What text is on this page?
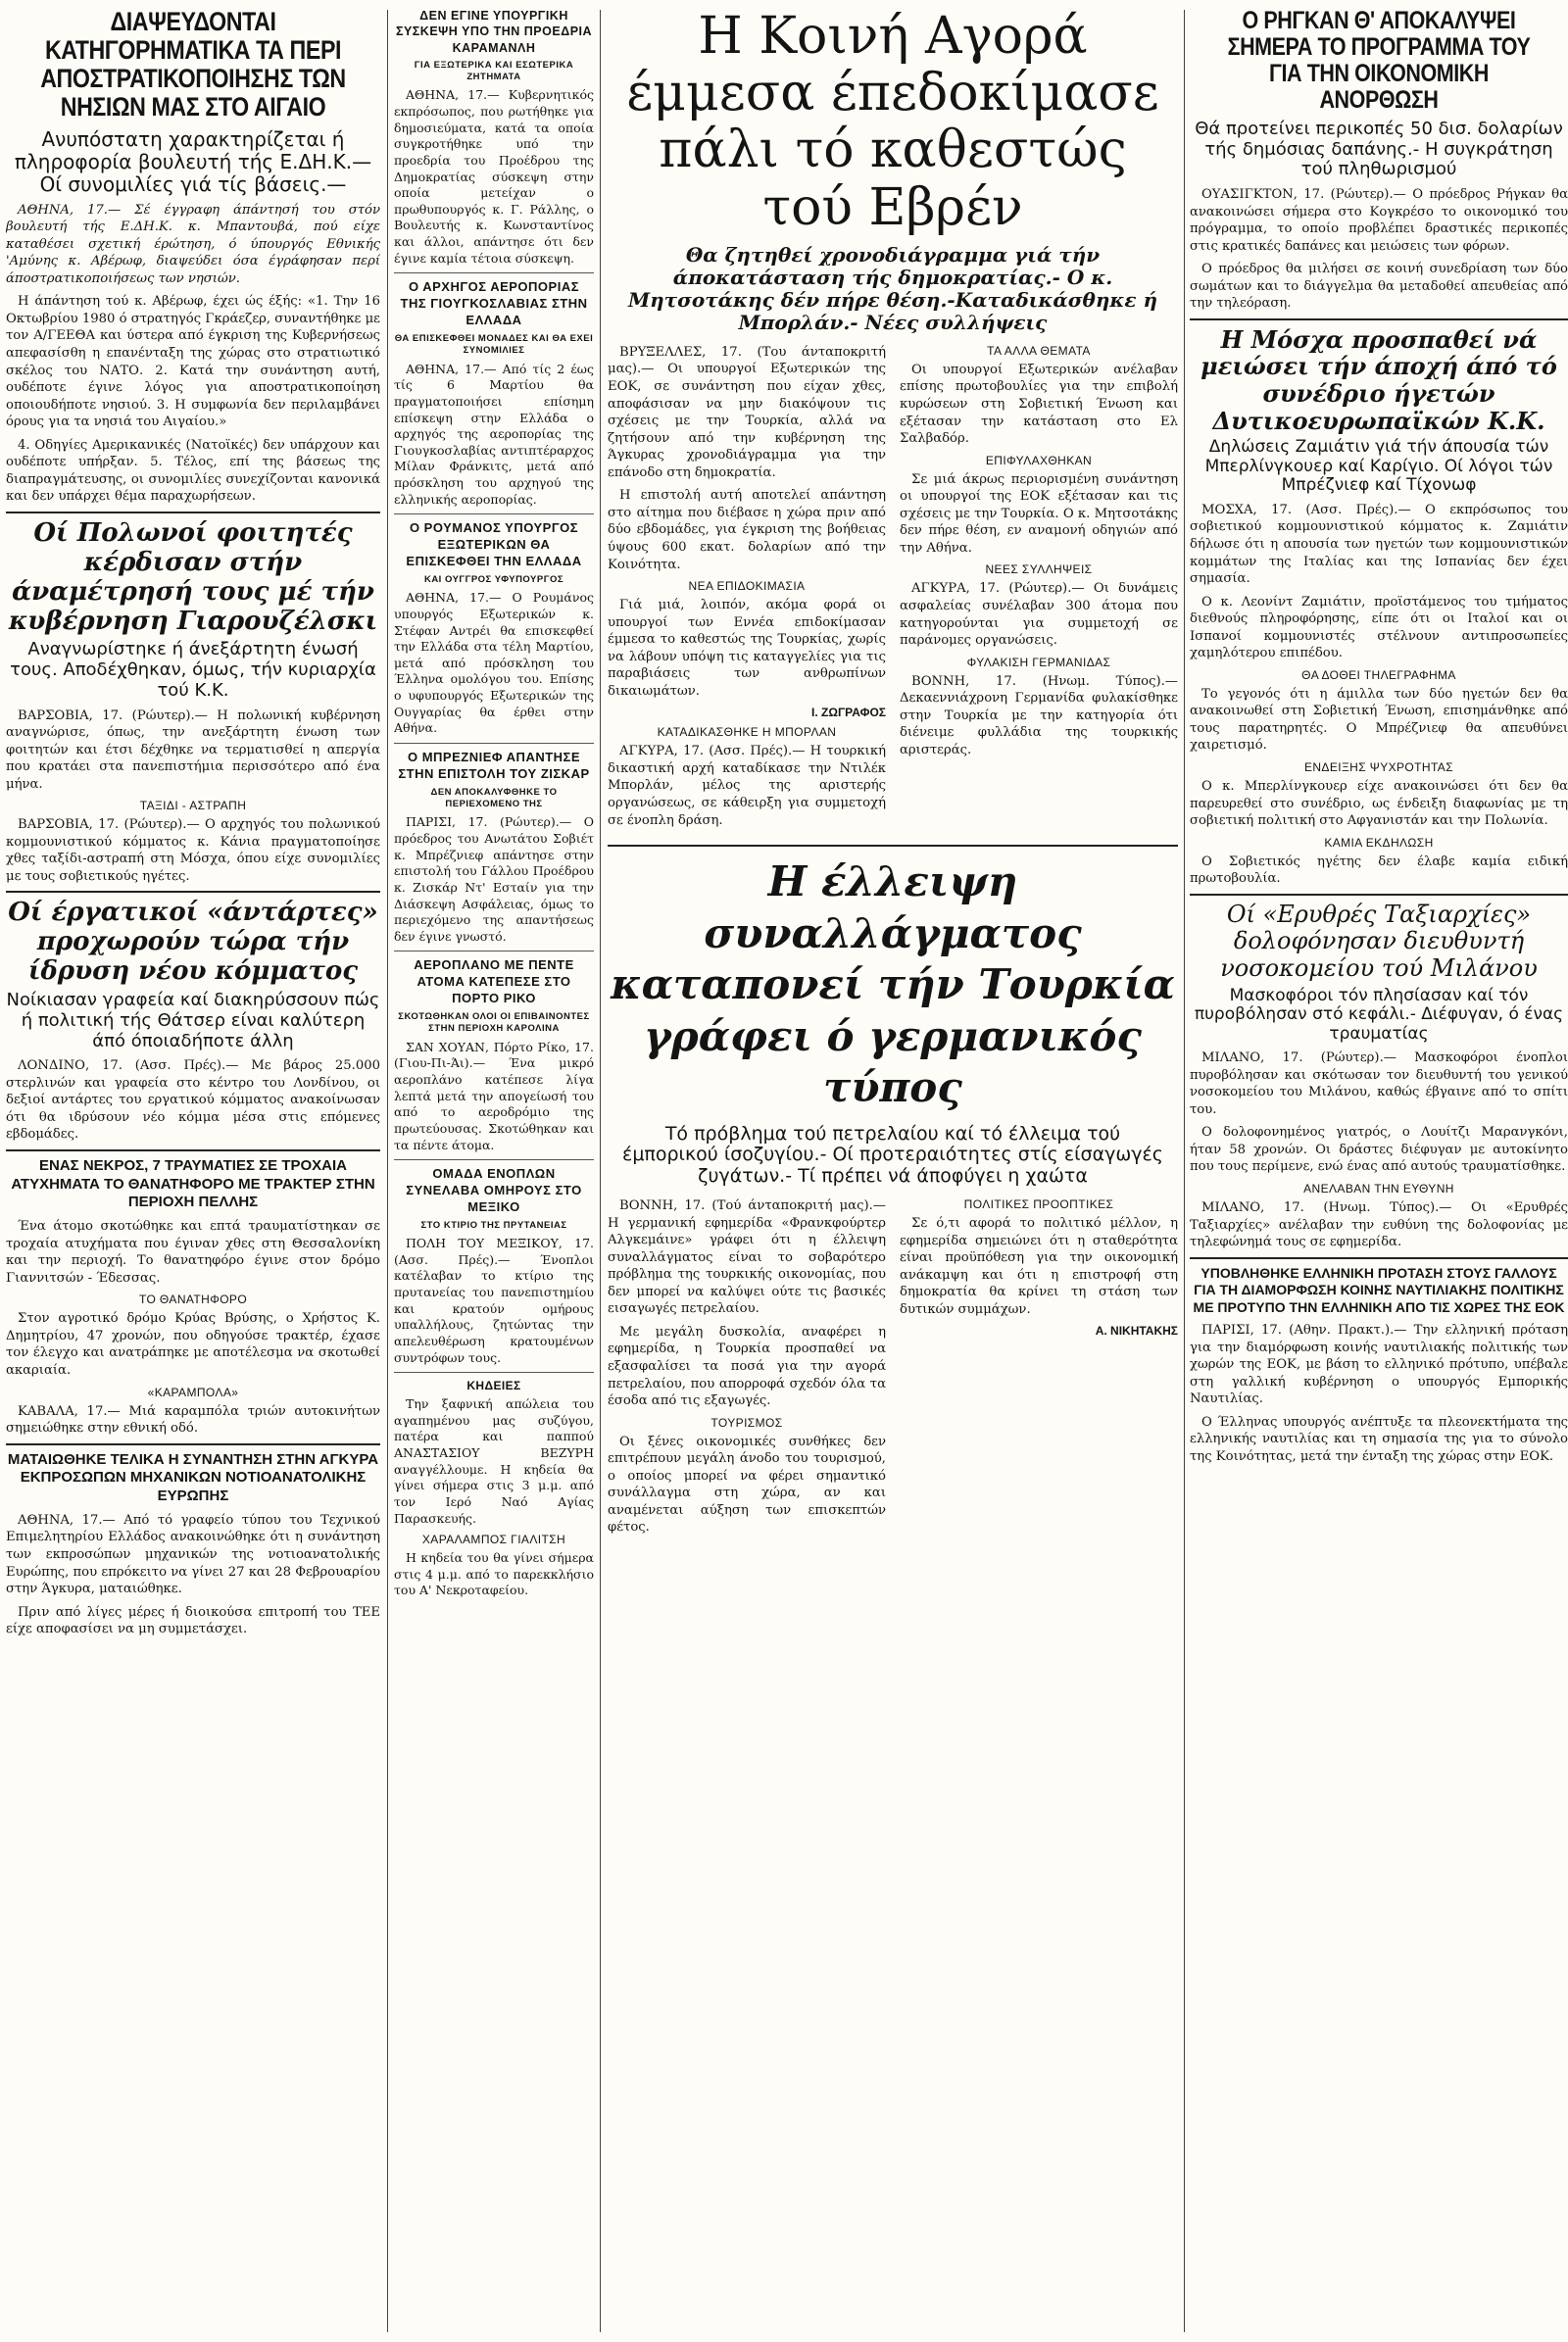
ΔΙΑΨΕΥΔΟΝΤΑΙ ΚΑΤΗΓΟΡΗΜΑΤΙΚΑ ΤΑ ΠΕΡΙ ΑΠΟΣΤΡΑΤΙΚΟΠΟΙΗΣΗΣ ΤΩΝ ΝΗΣΙΩΝ ΜΑΣ ΣΤΟ ΑΙΓΑΙΟ
Ανυπόστατη χαρακτηρίζεται ή πληροφορία βουλευτή τής Ε.ΔΗ.Κ.— Οί συνομιλίες γιά τίς βάσεις.—

ΑΘΗΝΑ, 17.— Σέ έγγραφη άπάντησή του στόν βουλευτή τής Ε.ΔΗ.Κ. κ. Μπαντουβά, πού είχε καταθέσει σχετική έρώτηση, ό ύπουργός Εθνικής 'Αμύνης κ. Αβέρωφ, διαψεύδει όσα έγράφησαν περί άποστρατικοποιήσεως των νησιών.

Η άπάντηση τού κ. Αβέρωφ, έχει ώς έξής: «1. Την 16 Οκτωβρίου 1980 ό στρατηγός Γκράεζερ, συναντήθηκε με τον Α/ΓΕΕΘΑ και ύστερα από έγκριση της Κυβερνήσεως απεφασίσθη η επανένταξη της χώρας στο στρατιωτικό σκέλος του ΝΑΤΟ. 2. Κατά την συνάντηση αυτή, ουδέποτε έγινε λόγος για αποστρατικοποίηση οποιουδήποτε νησιού. 3. Η συμφωνία δεν περιλαμβάνει όρους για τα νησιά του Αιγαίου.»

4. Οδηγίες Αμερικανικές (Νατοϊκές) δεν υπάρχουν και ουδέποτε υπήρξαν. 5. Τέλος, επί της βάσεως της διαπραγμάτευσης, οι συνομιλίες συνεχίζονται κανονικά και δεν υπάρχει θέμα παραχωρήσεων.

Οί Πολωνοί φοιτητές κέρδισαν στήν άναμέτρησή τους μέ τήν κυβέρνηση Γιαρουζέλσκι
Αναγνωρίστηκε ή άνεξάρτητη ένωσή τους. Αποδέχθηκαν, όμως, τήν κυριαρχία τού Κ.Κ.

ΒΑΡΣΟΒΙΑ, 17. (Ρώυτερ).— Η πολωνική κυβέρνηση αναγνώρισε, όπως, την ανεξάρτητη ένωση των φοιτητών και έτσι δέχθηκε να τερματισθεί η απεργία που κρατάει στα πανεπιστήμια περισσότερο από ένα μήνα.

ΤΑΞΙΔΙ - ΑΣΤΡΑΠΗ

ΒΑΡΣΟΒΙΑ, 17. (Ρώυτερ).— Ο αρχηγός του πολωνικού κομμουνιστικού κόμματος κ. Κάνια πραγματοποίησε χθες ταξίδι-αστραπή στη Μόσχα, όπου είχε συνομιλίες με τους σοβιετικούς ηγέτες.

Οί έργατικοί «άντάρτες» προχωρούν τώρα τήν ίδρυση νέου κόμματος
Νοίκιασαν γραφεία καί διακηρύσσουν πώς ή πολιτική τής Θάτσερ είναι καλύτερη άπό όποιαδήποτε άλλη

ΛΟΝΔΙΝΟ, 17. (Ασσ. Πρές).— Με βάρος 25.000 στερλινών και γραφεία στο κέντρο του Λονδίνου, οι δεξιοί αντάρτες του εργατικού κόμματος ανακοίνωσαν ότι θα ιδρύσουν νέο κόμμα μέσα στις επόμενες εβδομάδες.

ΕΝΑΣ ΝΕΚΡΟΣ, 7 ΤΡΑΥΜΑΤΙΕΣ ΣΕ ΤΡΟΧΑΙΑ ΑΤΥΧΗΜΑΤΑ ΤΟ ΘΑΝΑΤΗΦΟΡΟ ΜΕ ΤΡΑΚΤΕΡ ΣΤΗΝ ΠΕΡΙΟΧΗ ΠΕΛΛΗΣ

Ένα άτομο σκοτώθηκε και επτά τραυματίστηκαν σε τροχαία ατυχήματα που έγιναν χθες στη Θεσσαλονίκη και την περιοχή. Το θανατηφόρο έγινε στον δρόμο Γιαννιτσών - Έδεσσας.

ΤΟ ΘΑΝΑΤΗΦΟΡΟ

Στον αγροτικό δρόμο Κρύας Βρύσης, ο Χρήστος Κ. Δημητρίου, 47 χρονών, που οδηγούσε τρακτέρ, έχασε τον έλεγχο και ανατράπηκε με αποτέλεσμα να σκοτωθεί ακαριαία.

«ΚΑΡΑΜΠΟΛΑ»

ΚΑΒΑΛΑ, 17.— Μιά καραμπόλα τριών αυτοκινήτων σημειώθηκε στην εθνική οδό.

ΜΑΤΑΙΩΘΗΚΕ ΤΕΛΙΚΑ Η ΣΥΝΑΝΤΗΣΗ ΣΤΗΝ ΑΓΚΥΡΑ ΕΚΠΡΟΣΩΠΩΝ ΜΗΧΑΝΙΚΩΝ ΝΟΤΙΟΑΝΑΤΟΛΙΚΗΣ ΕΥΡΩΠΗΣ

ΑΘΗΝΑ, 17.— Από τό γραφείο τύπου του Τεχνικού Επιμελητηρίου Ελλάδος ανακοινώθηκε ότι η συνάντηση των εκπροσώπων μηχανικών της νοτιοανατολικής Ευρώπης, που επρόκειτο να γίνει 27 και 28 Φεβρουαρίου στην Άγκυρα, ματαιώθηκε.

Πριν από λίγες μέρες ή διοικούσα επιτροπή του ΤΕΕ είχε αποφασίσει να μη συμμετάσχει.

ΔΕΝ ΕΓΙΝΕ ΥΠΟΥΡΓΙΚΗ ΣΥΣΚΕΨΗ ΥΠΟ ΤΗΝ ΠΡΟΕΔΡΙΑ ΚΑΡΑΜΑΝΛΗ
ΓΙΑ ΕΞΩΤΕΡΙΚΑ ΚΑΙ ΕΣΩΤΕΡΙΚΑ ΖΗΤΗΜΑΤΑ

ΑΘΗΝΑ, 17.— Κυβερνητικός εκπρόσωπος, που ρωτήθηκε για δημοσιεύματα, κατά τα οποία συγκροτήθηκε υπό την προεδρία του Προέδρου της Δημοκρατίας σύσκεψη στην οποία μετείχαν ο πρωθυπουργός κ. Γ. Ράλλης, ο Βουλευτής κ. Κωνσταντίνος και άλλοι, απάντησε ότι δεν έγινε καμία τέτοια σύσκεψη.

Ο ΑΡΧΗΓΟΣ ΑΕΡΟΠΟΡΙΑΣ ΤΗΣ ΓΙΟΥΓΚΟΣΛΑΒΙΑΣ ΣΤΗΝ ΕΛΛΑΔΑ
ΘΑ ΕΠΙΣΚΕΦΘΕΙ ΜΟΝΑΔΕΣ ΚΑΙ ΘΑ ΕΧΕΙ ΣΥΝΟΜΙΛΙΕΣ

ΑΘΗΝΑ, 17.— Από τίς 2 έως τίς 6 Μαρτίου θα πραγματοποιήσει επίσημη επίσκεψη στην Ελλάδα ο αρχηγός της αεροπορίας της Γιουγκοσλαβίας αντιπτέραρχος Μίλαν Φράνκιτς, μετά από πρόσκληση του αρχηγού της ελληνικής αεροπορίας.

Ο ΡΟΥΜΑΝΟΣ ΥΠΟΥΡΓΟΣ ΕΞΩΤΕΡΙΚΩΝ ΘΑ ΕΠΙΣΚΕΦΘΕΙ ΤΗΝ ΕΛΛΑΔΑ
ΚΑΙ ΟΥΓΓΡΟΣ ΥΦΥΠΟΥΡΓΟΣ

ΑΘΗΝΑ, 17.— Ο Ρουμάνος υπουργός Εξωτερικών κ. Στέφαν Αντρέι θα επισκεφθεί την Ελλάδα στα τέλη Μαρτίου, μετά από πρόσκληση του Έλληνα ομολόγου του. Επίσης ο υφυπουργός Εξωτερικών της Ουγγαρίας θα έρθει στην Αθήνα.

Ο ΜΠΡΕΖΝΙΕΦ ΑΠΑΝΤΗΣΕ ΣΤΗΝ ΕΠΙΣΤΟΛΗ ΤΟΥ ΖΙΣΚΑΡ
ΔΕΝ ΑΠΟΚΑΛΥΦΘΗΚΕ ΤΟ ΠΕΡΙΕΧΟΜΕΝΟ ΤΗΣ

ΠΑΡΙΣΙ, 17. (Ρώυτερ).— Ο πρόεδρος του Ανωτάτου Σοβιέτ κ. Μπρέζνιεφ απάντησε στην επιστολή του Γάλλου Προέδρου κ. Ζισκάρ Ντ' Εσταίν για την Διάσκεψη Ασφάλειας, όμως το περιεχόμενο της απαντήσεως δεν έγινε γνωστό.

ΑΕΡΟΠΛΑΝΟ ΜΕ ΠΕΝΤΕ ΑΤΟΜΑ ΚΑΤΕΠΕΣΕ ΣΤΟ ΠΟΡΤΟ ΡΙΚΟ
ΣΚΟΤΩΘΗΚΑΝ ΟΛΟΙ ΟΙ ΕΠΙΒΑΙΝΟΝΤΕΣ ΣΤΗΝ ΠΕΡΙΟΧΗ ΚΑΡΟΛΙΝΑ

ΣΑΝ ΧΟΥΑΝ, Πόρτο Ρίκο, 17. (Γιου-Πι-Άι).— Ένα μικρό αεροπλάνο κατέπεσε λίγα λεπτά μετά την απογείωσή του από το αεροδρόμιο της πρωτεύουσας. Σκοτώθηκαν και τα πέντε άτομα.

ΟΜΑΔΑ ΕΝΟΠΛΩΝ ΣΥΝΕΛΑΒΑ ΟΜΗΡΟΥΣ ΣΤΟ ΜΕΞΙΚΟ
ΣΤΟ ΚΤΙΡΙΟ ΤΗΣ ΠΡΥΤΑΝΕΙΑΣ

ΠΟΛΗ ΤΟΥ ΜΕΞΙΚΟΥ, 17. (Ασσ. Πρές).— Ένοπλοι κατέλαβαν το κτίριο της πρυτανείας του πανεπιστημίου και κρατούν ομήρους υπαλλήλους, ζητώντας την απελευθέρωση κρατουμένων συντρόφων τους.

ΚΗΔΕΙΕΣ

Την ξαφνική απώλεια του αγαπημένου μας συζύγου, πατέρα και παππού ΑΝΑΣΤΑΣΙΟΥ ΒΕΖΥΡΗ αναγγέλλουμε. Η κηδεία θα γίνει σήμερα στις 3 μ.μ. από τον Ιερό Ναό Αγίας Παρασκευής.

ΧΑΡΑΛΑΜΠΟΣ ΓΙΑΛΙΤΣΗ

Η κηδεία του θα γίνει σήμερα στις 4 μ.μ. από το παρεκκλήσιο του Α' Νεκροταφείου.

Η Κοινή Αγορά έμμεσα έπεδοκίμασε πάλι τό καθεστώς τού Εβρέν
Θα ζητηθεί χρονοδιάγραμμα γιά τήν άποκατάσταση τής δημοκρατίας.- Ο κ. Μητσοτάκης δέν πήρε θέση.-Καταδικάσθηκε ή Μπορλάν.- Νέες συλλήψεις

ΒΡΥΞΕΛΛΕΣ, 17. (Του άνταποκριτή μας).— Οι υπουργοί Εξωτερικών της ΕΟΚ, σε συνάντηση που είχαν χθες, αποφάσισαν να μην διακόψουν τις σχέσεις με την Τουρκία, αλλά να ζητήσουν από την κυβέρνηση της Άγκυρας χρονοδιάγραμμα για την επάνοδο στη δημοκρατία.

Η επιστολή αυτή αποτελεί απάντηση στο αίτημα που διέβασε η χώρα πριν από δύο εβδομάδες, για έγκριση της βοήθειας ύψους 600 εκατ. δολαρίων από την Κοινότητα.

ΝΕΑ ΕΠΙΔΟΚΙΜΑΣΙΑ

Γιά μιά, λοιπόν, ακόμα φορά οι υπουργοί των Εννέα επιδοκίμασαν έμμεσα το καθεστώς της Τουρκίας, χωρίς να λάβουν υπόψη τις καταγγελίες για τις παραβιάσεις των ανθρωπίνων δικαιωμάτων.

Ι. ΖΩΓΡΑΦΟΣ
ΚΑΤΑΔΙΚΑΣΘΗΚΕ Η ΜΠΟΡΛΑΝ

ΑΓΚΥΡΑ, 17. (Ασσ. Πρές).— Η τουρκική δικαστική αρχή καταδίκασε την Ντιλέκ Μπορλάν, μέλος της αριστερής οργανώσεως, σε κάθειρξη για συμμετοχή σε ένοπλη δράση.

ΤΑ ΑΛΛΑ ΘΕΜΑΤΑ

Οι υπουργοί Εξωτερικών ανέλαβαν επίσης πρωτοβουλίες για την επιβολή κυρώσεων στη Σοβιετική Ένωση και εξέτασαν την κατάσταση στο Ελ Σαλβαδόρ.

ΕΠΙΦΥΛΑΧΘΗΚΑΝ

Σε μιά άκρως περιορισμένη συνάντηση οι υπουργοί της ΕΟΚ εξέτασαν και τις σχέσεις με την Τουρκία. Ο κ. Μητσοτάκης δεν πήρε θέση, εν αναμονή οδηγιών από την Αθήνα.

ΝΕΕΣ ΣΥΛΛΗΨΕΙΣ

ΑΓΚΥΡΑ, 17. (Ρώυτερ).— Οι δυνάμεις ασφαλείας συνέλαβαν 300 άτομα που κατηγορούνται για συμμετοχή σε παράνομες οργανώσεις.

ΦΥΛΑΚΙΣΗ ΓΕΡΜΑΝΙΔΑΣ

ΒΟΝΝΗ, 17. (Ηνωμ. Τύπος).— Δεκαεννιάχρονη Γερμανίδα φυλακίσθηκε στην Τουρκία με την κατηγορία ότι διένειμε φυλλάδια της τουρκικής αριστεράς.

Η έλλειψη συναλλάγματος καταπονεί τήν Τουρκία γράφει ό γερμανικός τύπος
Τό πρόβλημα τού πετρελαίου καί τό έλλειμα τού έμπορικού ίσοζυγίου.- Οί προτεραιότητες στίς είσαγωγές ζυγάτων.- Τί πρέπει νά άποφύγει η χαώτα

ΒΟΝΝΗ, 17. (Τού άνταποκριτή μας).— Η γερμανική εφημερίδα «Φρανκφούρτερ Αλγκεμάινε» γράφει ότι η έλλειψη συναλλάγματος είναι το σοβαρότερο πρόβλημα της τουρκικής οικονομίας, που δεν μπορεί να καλύψει ούτε τις βασικές εισαγωγές πετρελαίου.

Με μεγάλη δυσκολία, αναφέρει η εφημερίδα, η Τουρκία προσπαθεί να εξασφαλίσει τα ποσά για την αγορά πετρελαίου, που απορροφά σχεδόν όλα τα έσοδα από τις εξαγωγές.

ΤΟΥΡΙΣΜΟΣ

Οι ξένες οικονομικές συνθήκες δεν επιτρέπουν μεγάλη άνοδο του τουρισμού, ο οποίος μπορεί να φέρει σημαντικό συνάλλαγμα στη χώρα, αν και αναμένεται αύξηση των επισκεπτών φέτος.

ΠΟΛΙΤΙΚΕΣ ΠΡΟΟΠΤΙΚΕΣ

Σε ό,τι αφορά το πολιτικό μέλλον, η εφημερίδα σημειώνει ότι η σταθερότητα είναι προϋπόθεση για την οικονομική ανάκαμψη και ότι η επιστροφή στη δημοκρατία θα κρίνει τη στάση των δυτικών συμμάχων.

Α. ΝΙΚΗΤΑΚΗΣ
Ο ΡΗΓΚΑΝ Θ' ΑΠΟΚΑΛΥΨΕΙ ΣΗΜΕΡΑ ΤΟ ΠΡΟΓΡΑΜΜΑ ΤΟΥ ΓΙΑ ΤΗΝ ΟΙΚΟΝΟΜΙΚΗ ΑΝΟΡΘΩΣΗ
Θά προτείνει περικοπές 50 δισ. δολαρίων τής δημόσιας δαπάνης.- Η συγκράτηση τού πληθωρισμού

ΟΥΑΣΙΓΚΤΟΝ, 17. (Ρώυτερ).— Ο πρόεδρος Ρήγκαν θα ανακοινώσει σήμερα στο Κογκρέσο το οικονομικό του πρόγραμμα, το οποίο προβλέπει δραστικές περικοπές στις κρατικές δαπάνες και μειώσεις των φόρων.

Ο πρόεδρος θα μιλήσει σε κοινή συνεδρίαση των δύο σωμάτων και το διάγγελμα θα μεταδοθεί απευθείας από την τηλεόραση.

Η Μόσχα προσπαθεί νά μειώσει τήν άποχή άπό τό συνέδριο ήγετών Δυτικοευρωπαϊκών Κ.Κ.
Δηλώσεις Ζαμιάτιν γιά τήν άπουσία τών Μπερλίνγκουερ καί Καρίγιο. Οί λόγοι τών Μπρέζνιεφ καί Τίχονωφ

ΜΟΣΧΑ, 17. (Ασσ. Πρές).— Ο εκπρόσωπος του σοβιετικού κομμουνιστικού κόμματος κ. Ζαμιάτιν δήλωσε ότι η απουσία των ηγετών των κομμουνιστικών κομμάτων της Ιταλίας και της Ισπανίας δεν έχει σημασία.

Ο κ. Λεονίντ Ζαμιάτιν, προϊστάμενος του τμήματος διεθνούς πληροφόρησης, είπε ότι οι Ιταλοί και οι Ισπανοί κομμουνιστές στέλνουν αντιπροσωπείες χαμηλότερου επιπέδου.

ΘΑ ΔΟΘΕΙ ΤΗΛΕΓΡΑΦΗΜΑ

Το γεγονός ότι η άμιλλα των δύο ηγετών δεν θα ανακοινωθεί στη Σοβιετική Ένωση, επισημάνθηκε από τους παρατηρητές. Ο Μπρέζνιεφ θα απευθύνει χαιρετισμό.

ΕΝΔΕΙΞΗΣ ΨΥΧΡΟΤΗΤΑΣ

Ο κ. Μπερλίνγκουερ είχε ανακοινώσει ότι δεν θα παρευρεθεί στο συνέδριο, ως ένδειξη διαφωνίας με τη σοβιετική πολιτική στο Αφγανιστάν και την Πολωνία.

ΚΑΜΙΑ ΕΚΔΗΛΩΣΗ

Ο Σοβιετικός ηγέτης δεν έλαβε καμία ειδική πρωτοβουλία.

Οί «Ερυθρές Ταξιαρχίες» δολοφόνησαν διευθυντή νοσοκομείου τού Μιλάνου
Μασκοφόροι τόν πλησίασαν καί τόν πυροβόλησαν στό κεφάλι.- Διέφυγαν, ό ένας τραυματίας

ΜΙΛΑΝΟ, 17. (Ρώυτερ).— Μασκοφόροι ένοπλοι πυροβόλησαν και σκότωσαν τον διευθυντή του γενικού νοσοκομείου του Μιλάνου, καθώς έβγαινε από το σπίτι του.

Ο δολοφονημένος γιατρός, ο Λουίτζι Μαρανγκόνι, ήταν 58 χρονών. Οι δράστες διέφυγαν με αυτοκίνητο που τους περίμενε, ενώ ένας από αυτούς τραυματίσθηκε.

ΑΝΕΛΑΒΑΝ ΤΗΝ ΕΥΘΥΝΗ

ΜΙΛΑΝΟ, 17. (Ηνωμ. Τύπος).— Οι «Ερυθρές Ταξιαρχίες» ανέλαβαν την ευθύνη της δολοφονίας με τηλεφώνημά τους σε εφημερίδα.

ΥΠΟΒΛΗΘΗΚΕ ΕΛΛΗΝΙΚΗ ΠΡΟΤΑΣΗ ΣΤΟΥΣ ΓΑΛΛΟΥΣ ΓΙΑ ΤΗ ΔΙΑΜΟΡΦΩΣΗ ΚΟΙΝΗΣ ΝΑΥΤΙΛΙΑΚΗΣ ΠΟΛΙΤΙΚΗΣ ΜΕ ΠΡΟΤΥΠΟ ΤΗΝ ΕΛΛΗΝΙΚΗ ΑΠΟ ΤΙΣ ΧΩΡΕΣ ΤΗΣ ΕΟΚ

ΠΑΡΙΣΙ, 17. (Αθην. Πρακτ.).— Την ελληνική πρόταση για την διαμόρφωση κοινής ναυτιλιακής πολιτικής των χωρών της ΕΟΚ, με βάση το ελληνικό πρότυπο, υπέβαλε στη γαλλική κυβέρνηση ο υπουργός Εμπορικής Ναυτιλίας.

Ο Έλληνας υπουργός ανέπτυξε τα πλεονεκτήματα της ελληνικής ναυτιλίας και τη σημασία της για το σύνολο της Κοινότητας, μετά την ένταξη της χώρας στην ΕΟΚ.
